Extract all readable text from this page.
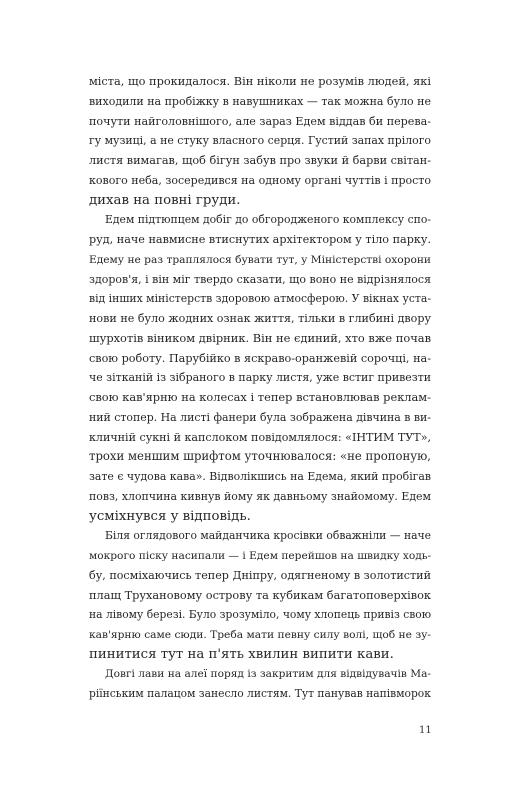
міста, що прокидалося. Він ніколи не розумів людей, які
виходили на пробіжку в навушниках — так можна було не
почути найголовнішого, але зараз Едем віддав би перева-
гу музиці, а не стуку власного серця. Густий запах прілого
листя вимагав, щоб бігун забув про звуки й барви світан-
кового неба, зосередився на одному органі чуттів і просто
дихав на повні груди.
Едем підтюпцем добіг до обгородженого комплексу спо-
руд, наче навмисне втиснутих архітектором у тіло парку.
Едему не раз траплялося бувати тут, у Міністерстві охорони
здоров'я, і він міг твердо сказати, що воно не відрізнялося
від інших міністерств здоровою атмосферою. У вікнах уста-
нови не було жодних ознак життя, тільки в глибині двору
шурхотів віником двірник. Він не єдиний, хто вже почав
свою роботу. Парубійко в яскраво-оранжевій сорочці, на-
че зітканій із зібраного в парку листя, уже встиг привезти
свою кав'ярню на колесах і тепер встановлював реклам-
ний стопер. На листі фанери була зображена дівчина в ви-
кличній сукні й капслоком повідомлялося: «ІНТИМ ТУТ»,
трохи меншим шрифтом уточнювалося: «не пропоную,
зате є чудова кава». Відволікшись на Едема, який пробігав
повз, хлопчина кивнув йому як давньому знайомому. Едем
усміхнувся у відповідь.
Біля оглядового майданчика кросівки обважніли — наче
мокрого піску насипали — і Едем перейшов на швидку ходь-
бу, посміхаючись тепер Дніпру, одягненому в золотистий
плащ Трухановому острову та кубикам багатоповерхівок
на лівому березі. Було зрозуміло, чому хлопець привіз свою
кав'ярню саме сюди. Треба мати певну силу волі, щоб не зу-
пинитися тут на п'ять хвилин випити кави.
Довгі лави на алеї поряд із закритим для відвідувачів Ма-
ріїнським палацом занесло листям. Тут панував напівморок
11
